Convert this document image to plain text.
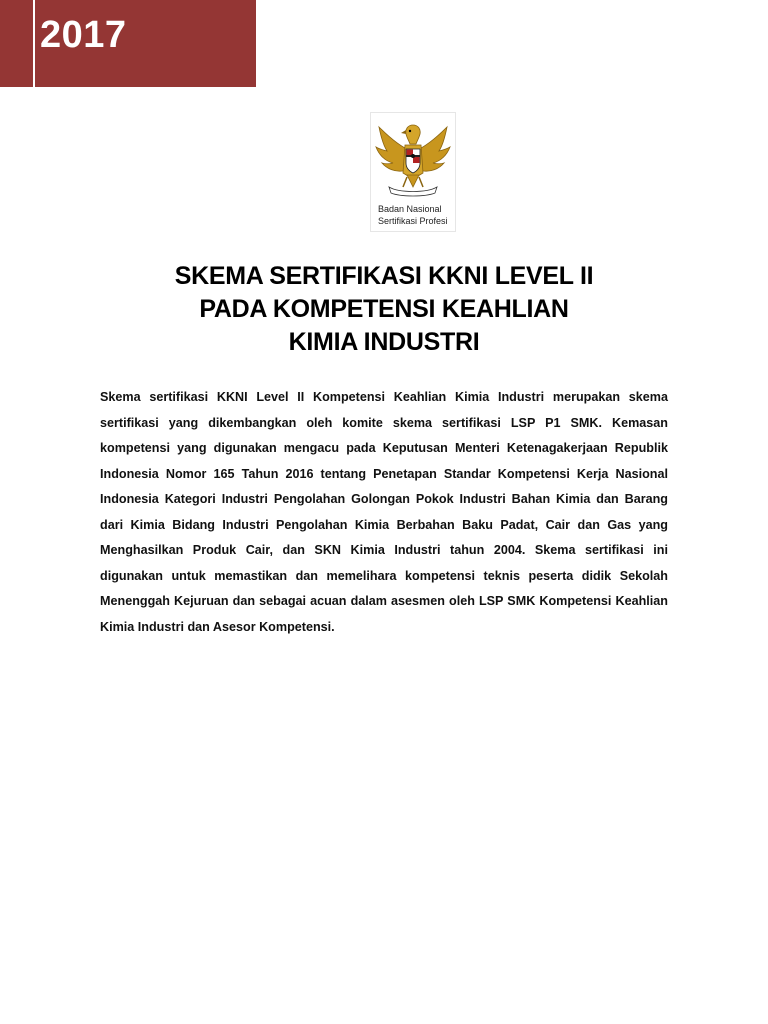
2017
Badan Nasional
Sertifikasi Profesi
SKEMA SERTIFIKASI KKNI LEVEL II
PADA KOMPETENSI KEAHLIAN
KIMIA INDUSTRI

Skema sertifikasi KKNI Level II Kompetensi Keahlian Kimia Industri merupakan skema sertifikasi yang dikembangkan oleh komite skema sertifikasi LSP P1 SMK. Kemasan kompetensi yang digunakan mengacu pada Keputusan Menteri Ketenagakerjaan Republik Indonesia Nomor 165 Tahun 2016 tentang Penetapan Standar Kompetensi Kerja Nasional Indonesia Kategori Industri Pengolahan Golongan Pokok Industri Bahan Kimia dan Barang dari Kimia Bidang Industri Pengolahan Kimia Berbahan Baku Padat, Cair dan Gas yang Menghasilkan Produk Cair, dan SKN Kimia Industri tahun 2004. Skema sertifikasi ini digunakan untuk memastikan dan memelihara kompetensi teknis peserta didik Sekolah Menenggah Kejuruan dan sebagai acuan dalam asesmen oleh LSP SMK Kompetensi Keahlian Kimia Industri dan Asesor Kompetensi.
